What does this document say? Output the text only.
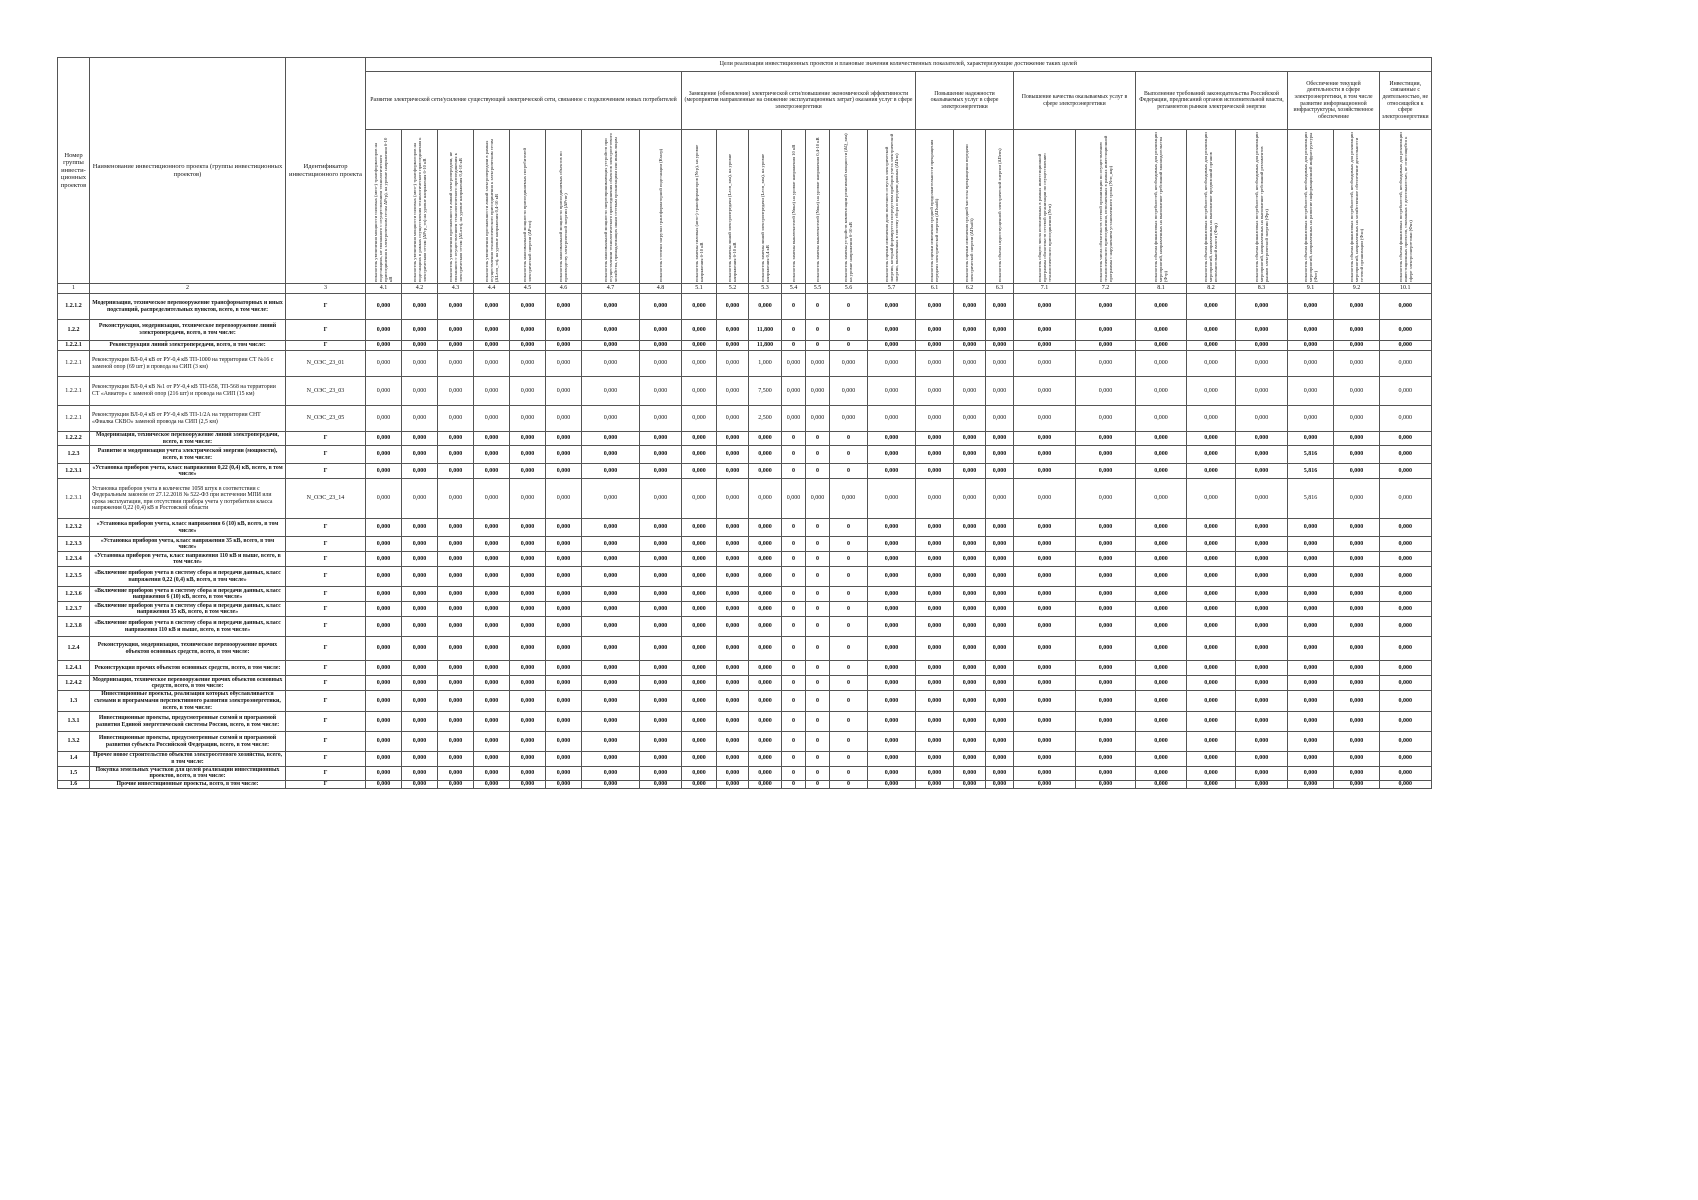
Номер группы инвести-ционных проектов	Наименование инвестиционного проекта (группы инвестиционных проектов)	Идентификатор инвестиционного проекта	Цели реализации инвестиционных проектов и плановые значения количественных показателей, характеризующие достижение таких целей																									
			Развитие электрической сети/усиление существующей электрической сети, связанное с подключением новых потребителей								Замещение (обновление) электрической сети/повышение экономической эффективности (мероприятия направленные на снижение эксплуатационных затрат) оказания услуг в сфере электроэнергетики							Повышение надежности оказываемых услуг в сфере электроэнергетики			Повышение качества оказываемых услуг в сфере электроэнергетики		Выполнение требований законодательства Российской Федерации, предписаний органов исполнительной власти, регламентов рынков электрической энергии			Обеспечение текущей деятельности в сфере электроэнергетики, в том числе развитие информационной инфраструктуры, хозяйственное обеспечение		Инвестиции, связанные с деятельностью, не относящейся к сфере электроэнергетики

			показатель увеличения мощности силовых (авто-) трансформаторов на подстанциях, не связанного с осуществлением технологического присоединения к электрическим сетям ΔPтр), на уровне напряжения 6-10 кВ	показатель увеличения мощности силовых (авто-) трансформаторов на подстанциях в рамках осуществления технологического присоединения к электрическим сетям (ΔPтр_тп) на уровне напряжения 6-10 кВ	показатель увеличения протяженности линий электропередачи, не связанного с осуществлением технологического присоединения к электрическим сетям (ΔLлэп), на уровне напряжения 0,4-10 кВ	показатель увеличения протяженности линий электропередачи в рамках осуществления технологического присоединения к электрическим сетям (ΔLлэп_тп), на уровне напряжения 0,4-10 кВ	показатель максимальной мощности присоединяемых потребителей электрической энергии (ΔPтпэ)	показатель максимальной мощности присоединяемых объектов по производству электрической энергии (ΔPтпг)	показатель максимальной мощности энергопринимающих устройств при осуществлении технологического присоединения объектов электросетевого хозяйства, принадлежащих иным сетевым организациям или иным лицам	показатель степени загрузки трансформаторной подстанции (Кзагр)	показатель замены силовых (авто-) трансформаторов (Nтр), на уровне напряжения 6-10 кВ	показатель замены линий электропередачи (Lлэп_зам), на уровне напряжения 6-10 кВ	показатель замены линий электропередачи (Lлэп_зам), на уровне напряжения 0,4 кВ	показатель замены выключателей (Nвкл) на уровне напряжения 10 кВ	показатель замены выключателей (Nвкл) на уровне напряжения 0,4-10 кВ	показатель замены устройств компенсации реактивной мощности (ΔQ_зам) на уровне напряжения 6-10 кВ	показатель оценки изменения доли полезного отпуска электрической энергии, который формируется посредством приборов учета электрической энергии, включенных в систему сбора и передачи данных (ΔПпо)	показатель оценки изменения средней продолжительности прекращения передачи электрической энергии (ΔПsaidi)	показатель оценки изменения средней частоты прекращения передачи электрической энергии (ΔПsaifi)	показатель объема недоотпущенной электрической энергии (ΔПens)	показатель общего числа исполненных в рамках инвестиционной программы обязательств сетевой организации по осуществлению технологического присоединения (Nтп)	показатель числа обязательств сетевой организации по осуществлению технологического присоединения, исполненных в рамках инвестиционной программы с нарушением установленного срока (Nтп_нар)	показатель объема финансовых потребностей, необходимых для реализации мероприятий, направленных на выполнение требований законодательства (Фтр)	показатель объема финансовых потребностей, необходимых для реализации мероприятий, направленных на выполнение предписаний органов исполнительной власти (Фпр)	показатель объема финансовых потребностей, необходимых для реализации мероприятий, направленных на выполнение требований регламентов рынков электрической энергии (Фрэ)	показатель объема финансовых потребностей, необходимых для реализации мероприятий, направленных на развитие информационной инфраструктуры (Фит)	показатель объема финансовых потребностей, необходимых для реализации мероприятий, направленных на хозяйственное обеспечение деятельности сетевой организации (Фхо)	показатель объема финансовых потребностей, необходимых для реализации инвестиционных проектов, связанных с деятельностью, не относящейся к сфере электроэнергетики (Фнэ)

1	2	3	4.1	4.2	4.3	4.4	4.5	4.6	4.7	4.8	5.1	5.2	5.3	5.4	5.5	5.6	5.7	6.1	6.2	6.3	7.1	7.2	8.1	8.2	8.3	9.1	9.2	10.1
1.2.1.2	Модернизация, техническое перевооружение трансформаторных и иных подстанций, распределительных пунктов, всего, в том числе:	Г	0,000	0,000	0,000	0,000	0,000	0,000	0,000	0,000	0,000	0,000	0,000	0	0	0	0,000	0,000	0,000	0,000	0,000	0,000	0,000	0,000	0,000	0,000	0,000	0,000
1.2.2	Реконструкция, модернизация, техническое перевооружение линий электропередачи, всего, в том числе:	Г	0,000	0,000	0,000	0,000	0,000	0,000	0,000	0,000	0,000	0,000	11,800	0	0	0	0,000	0,000	0,000	0,000	0,000	0,000	0,000	0,000	0,000	0,000	0,000	0,000
1.2.2.1	Реконструкция линий электропередачи, всего, в том числе:	Г	0,000	0,000	0,000	0,000	0,000	0,000	0,000	0,000	0,000	0,000	11,800	0	0	0	0,000	0,000	0,000	0,000	0,000	0,000	0,000	0,000	0,000	0,000	0,000	0,000
1.2.2.1	Реконструкция ВЛ-0,4 кВ от РУ-0,4 кВ ТП-1000 на территории СТ №16 с заменой опор (69 шт) и провода на СИП (3 км)	N_ОЭС_23_01	0,000	0,000	0,000	0,000	0,000	0,000	0,000	0,000	0,000	0,000	1,000	0,000	0,000	0,000	0,000	0,000	0,000	0,000	0,000	0,000	0,000	0,000	0,000	0,000	0,000	0,000
1.2.2.1	Реконструкция ВЛ-0,4 кВ №1 от РУ-0,4 кВ ТП-658, ТП-568 на территории СТ «Авиатор» с заменой опор (216 шт) и провода на СИП (15 км)	N_ОЭС_23_03	0,000	0,000	0,000	0,000	0,000	0,000	0,000	0,000	0,000	0,000	7,500	0,000	0,000	0,000	0,000	0,000	0,000	0,000	0,000	0,000	0,000	0,000	0,000	0,000	0,000	0,000
1.2.2.1	Реконструкция ВЛ-0,4 кВ от РУ-0,4 кВ ТП-1/2А на территории СНТ «Фиалка СКВО» заменой провода на СИП (2,5 км)	N_ОЭС_23_05	0,000	0,000	0,000	0,000	0,000	0,000	0,000	0,000	0,000	0,000	2,500	0,000	0,000	0,000	0,000	0,000	0,000	0,000	0,000	0,000	0,000	0,000	0,000	0,000	0,000	0,000
1.2.2.2	Модернизация, техническое перевооружение линий электропередачи, всего, в том числе:	Г	0,000	0,000	0,000	0,000	0,000	0,000	0,000	0,000	0,000	0,000	0,000	0	0	0	0,000	0,000	0,000	0,000	0,000	0,000	0,000	0,000	0,000	0,000	0,000	0,000
1.2.3	Развитие и модернизация учета электрической энергии (мощности), всего, в том числе:	Г	0,000	0,000	0,000	0,000	0,000	0,000	0,000	0,000	0,000	0,000	0,000	0	0	0	0,000	0,000	0,000	0,000	0,000	0,000	0,000	0,000	0,000	5,816	0,000	0,000
1.2.3.1	«Установка приборов учета, класс напряжения 0,22 (0,4) кВ, всего, в том числе»	Г	0,000	0,000	0,000	0,000	0,000	0,000	0,000	0,000	0,000	0,000	0,000	0	0	0	0,000	0,000	0,000	0,000	0,000	0,000	0,000	0,000	0,000	5,816	0,000	0,000
1.2.3.1	Установка приборов учета в количестве 1058 штук в соответствии с Федеральным законом от 27.12.2018 № 522-ФЗ при истечении МПИ или срока эксплуатации, при отсутствии прибора учета у потребителя класса напряжения 0,22 (0,4) кВ в Ростовской области	N_ОЭС_23_14	0,000	0,000	0,000	0,000	0,000	0,000	0,000	0,000	0,000	0,000	0,000	0,000	0,000	0,000	0,000	0,000	0,000	0,000	0,000	0,000	0,000	0,000	0,000	5,816	0,000	0,000
1.2.3.2	«Установка приборов учета, класс напряжения 6 (10) кВ, всего, в том числе»	Г	0,000	0,000	0,000	0,000	0,000	0,000	0,000	0,000	0,000	0,000	0,000	0	0	0	0,000	0,000	0,000	0,000	0,000	0,000	0,000	0,000	0,000	0,000	0,000	0,000
1.2.3.3	«Установка приборов учета, класс напряжения 35 кВ, всего, в том числе»	Г	0,000	0,000	0,000	0,000	0,000	0,000	0,000	0,000	0,000	0,000	0,000	0	0	0	0,000	0,000	0,000	0,000	0,000	0,000	0,000	0,000	0,000	0,000	0,000	0,000
1.2.3.4	«Установка приборов учета, класс напряжения 110 кВ и выше, всего, в том числе»	Г	0,000	0,000	0,000	0,000	0,000	0,000	0,000	0,000	0,000	0,000	0,000	0	0	0	0,000	0,000	0,000	0,000	0,000	0,000	0,000	0,000	0,000	0,000	0,000	0,000
1.2.3.5	«Включение приборов учета в систему сбора и передачи данных, класс напряжения 0,22 (0,4) кВ, всего, в том числе»	Г	0,000	0,000	0,000	0,000	0,000	0,000	0,000	0,000	0,000	0,000	0,000	0	0	0	0,000	0,000	0,000	0,000	0,000	0,000	0,000	0,000	0,000	0,000	0,000	0,000
1.2.3.6	«Включение приборов учета в систему сбора и передачи данных, класс напряжения 6 (10) кВ, всего, в том числе»	Г	0,000	0,000	0,000	0,000	0,000	0,000	0,000	0,000	0,000	0,000	0,000	0	0	0	0,000	0,000	0,000	0,000	0,000	0,000	0,000	0,000	0,000	0,000	0,000	0,000
1.2.3.7	«Включение приборов учета в систему сбора и передачи данных, класс напряжения 35 кВ, всего, в том числе»	Г	0,000	0,000	0,000	0,000	0,000	0,000	0,000	0,000	0,000	0,000	0,000	0	0	0	0,000	0,000	0,000	0,000	0,000	0,000	0,000	0,000	0,000	0,000	0,000	0,000
1.2.3.8	«Включение приборов учета в систему сбора и передачи данных, класс напряжения 110 кВ и выше, всего, в том числе»	Г	0,000	0,000	0,000	0,000	0,000	0,000	0,000	0,000	0,000	0,000	0,000	0	0	0	0,000	0,000	0,000	0,000	0,000	0,000	0,000	0,000	0,000	0,000	0,000	0,000
1.2.4	Реконструкция, модернизация, техническое перевооружение прочих объектов основных средств, всего, в том числе:	Г	0,000	0,000	0,000	0,000	0,000	0,000	0,000	0,000	0,000	0,000	0,000	0	0	0	0,000	0,000	0,000	0,000	0,000	0,000	0,000	0,000	0,000	0,000	0,000	0,000
1.2.4.1	Реконструкция прочих объектов основных средств, всего, в том числе:	Г	0,000	0,000	0,000	0,000	0,000	0,000	0,000	0,000	0,000	0,000	0,000	0	0	0	0,000	0,000	0,000	0,000	0,000	0,000	0,000	0,000	0,000	0,000	0,000	0,000
1.2.4.2	Модернизация, техническое перевооружение прочих объектов основных средств, всего, в том числе:	Г	0,000	0,000	0,000	0,000	0,000	0,000	0,000	0,000	0,000	0,000	0,000	0	0	0	0,000	0,000	0,000	0,000	0,000	0,000	0,000	0,000	0,000	0,000	0,000	0,000
1.3	Инвестиционные проекты, реализация которых обуславливается схемами и программами перспективного развития электроэнергетики, всего, в том числе:	Г	0,000	0,000	0,000	0,000	0,000	0,000	0,000	0,000	0,000	0,000	0,000	0	0	0	0,000	0,000	0,000	0,000	0,000	0,000	0,000	0,000	0,000	0,000	0,000	0,000
1.3.1	Инвестиционные проекты, предусмотренные схемой и программой развития Единой энергетической системы России, всего, в том числе:	Г	0,000	0,000	0,000	0,000	0,000	0,000	0,000	0,000	0,000	0,000	0,000	0	0	0	0,000	0,000	0,000	0,000	0,000	0,000	0,000	0,000	0,000	0,000	0,000	0,000
1.3.2	Инвестиционные проекты, предусмотренные схемой и программой развития субъекта Российской Федерации, всего, в том числе:	Г	0,000	0,000	0,000	0,000	0,000	0,000	0,000	0,000	0,000	0,000	0,000	0	0	0	0,000	0,000	0,000	0,000	0,000	0,000	0,000	0,000	0,000	0,000	0,000	0,000
1.4	Прочее новое строительство объектов электросетевого хозяйства, всего, в том числе:	Г	0,000	0,000	0,000	0,000	0,000	0,000	0,000	0,000	0,000	0,000	0,000	0	0	0	0,000	0,000	0,000	0,000	0,000	0,000	0,000	0,000	0,000	0,000	0,000	0,000
1.5	Покупка земельных участков для целей реализации инвестиционных проектов, всего, в том числе:	Г	0,000	0,000	0,000	0,000	0,000	0,000	0,000	0,000	0,000	0,000	0,000	0	0	0	0,000	0,000	0,000	0,000	0,000	0,000	0,000	0,000	0,000	0,000	0,000	0,000
1.6	Прочие инвестиционные проекты, всего, в том числе:	Г	0,000	0,000	0,000	0,000	0,000	0,000	0,000	0,000	0,000	0,000	0,000	0	0	0	0,000	0,000	0,000	0,000	0,000	0,000	0,000	0,000	0,000	0,000	0,000	0,000
